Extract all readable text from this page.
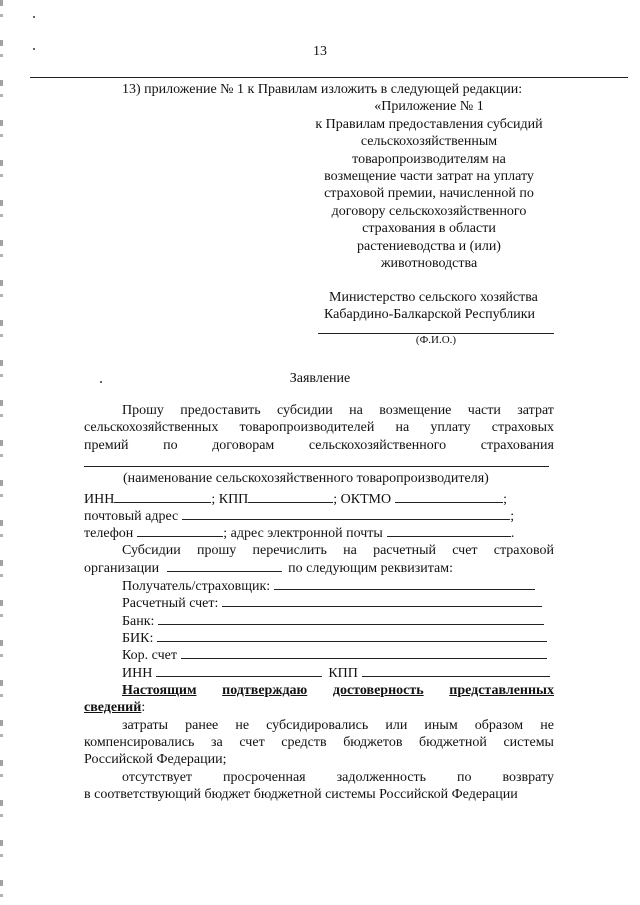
13
13) приложение № 1 к Правилам изложить в следующей редакции:
«Приложение № 1
к Правилам предоставления субсидий
сельскохозяйственным
товаропроизводителям на
возмещение части затрат на уплату
страховой премии, начисленной по
договору сельскохозяйственного
страхования в области
растениеводства и (или)
животноводства
Министерство сельского хозяйства
Кабардино-Балкарской Республики
(Ф.И.О.)
Заявление
Прошу предоставить субсидии на возмещение части затрат
сельскохозяйственных товаропроизводителей на уплату страховых
премий по договорам сельскохозяйственного страхования
(наименование сельскохозяйственного товаропроизводителя)
ИНН	; КПП	; ОКТМО	;
почтовый адрес	;
телефон	; адрес электронной почты	.
Субсидии прошу перечислить на расчетный счет страховой
организации	по следующим реквизитам:
Получатель/страховщик:
Расчетный счет:
Банк:
БИК:
Кор. счет
ИНН	КПП
Настоящим подтверждаю достоверность представленных
сведений:
затраты ранее не субсидировались или иным образом не
компенсировались за счет средств бюджетов бюджетной системы
Российской Федерации;
отсутствует просроченная задолженность по возврату
в соответствующий бюджет бюджетной системы Российской Федерации
